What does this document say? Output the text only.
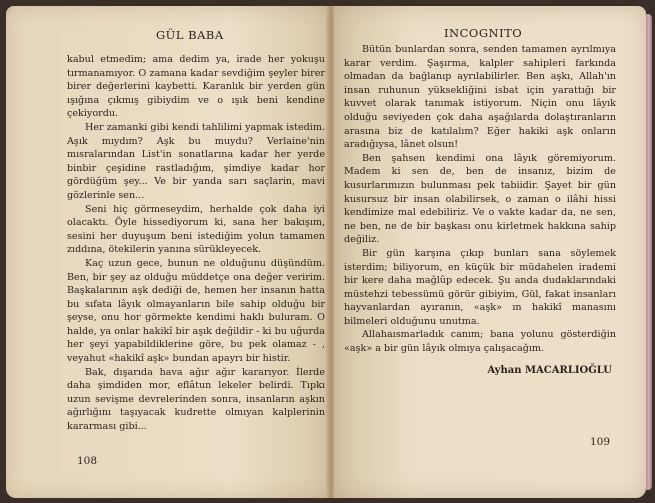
GÜL BABA

kabul etmedim; ama dedim ya, irade her yokuşu tırmanamıyor. O zamana kadar sevdiğim şeyler birer birer değerlerini kaybetti. Karanlık bir yerden gün ışığına çıkmış gibiydim ve o ışık beni kendine çekiyordu.

Her zamanki gibi kendi tahlilimi yapmak istedim. Aşık mıydım? Aşk bu muydu? Verlaine'nin mısralarından List'in sonatlarına kadar her yerde binbir çeşidine rastladığım, şimdiye kadar hor gördüğüm şey... Ve bir yanda sarı saçlarin, mavi gözlerinle sen...

Seni hiç görmeseydim, herhalde çok daha iyi olacaktı. Öyle hissediyorum ki, sana her bakışım, sesini her duyuşum beni istediğim yolun tamamen zıddına, ötekilerin yanına sürükleyecek.

Kaç uzun gece, bunun ne olduğunu düşündüm. Ben, bir şey az olduğu müddetçe ona değer veririm. Başkalarının aşk dediği de, hemen her insanın hatta bu sıfata lâyık olmayanların bile sahip olduğu bir şeyse, onu hor görmekte kendimi haklı buluram. O halde, ya onlar hakikî bir aşık değildir - ki bu uğurda her şeyi yapabildiklerine göre, bu pek olamaz - , veyahut «hakikî aşk» bundan apayrı bir histir.

Bak, dışarıda hava ağır ağır kararıyor. İlerde daha şimdiden mor, eflâtun lekeler belirdi. Tıpkı uzun sevişme devrelerinden sonra, insanların aşkın ağırlığını taşıyacak kudrette olmıyan kalplerinin kararması gibi...

108
INCOGNITO

Bütün bunlardan sonra, senden tamamen ayrılmıya karar verdim. Şaşırma, kalpler sahipleri farkında olmadan da bağlanıp ayrılabilirler. Ben aşkı, Allah'ın insan ruhunun yüksekliğini isbat için yarattığı bir kuvvet olarak tanımak istiyorum. Niçin onu lâyık olduğu seviyeden çok daha aşağılarda dolaştıranların arasına biz de katılalım? Eğer hakiki aşk onların aradığıysa, lânet olsun!

Ben şahsen kendimi ona lâyık göremiyorum. Madem ki sen de, ben de insanız, bizim de kusurlarımızın bulunması pek tabiidir. Şayet bir gün kusursuz bir insan olabilirsek, o zaman o ilâhi hissi kendimize mal edebiliriz. Ve o vakte kadar da, ne sen, ne ben, ne de bir başkası onu kirletmek hakkına sahip değiliz.

Bir gün karşına çıkıp bunları sana söylemek isterdim; biliyorum, en küçük bir müdahelen irademi bir kere daha mağlûp edecek. Şu anda dudaklarındaki müstehzi tebessümü görür gibiyim, Gül, fakat insanları hayvanlardan ayıranın, «aşk» ın hakikî manasını bilmeleri olduğunu unutma.

Allahaısmarladık canım; bana yolunu gösterdiğin «aşk» a bir gün lâyık olmıya çalışacağım.

Ayhan MACARLIOĞLU
109
